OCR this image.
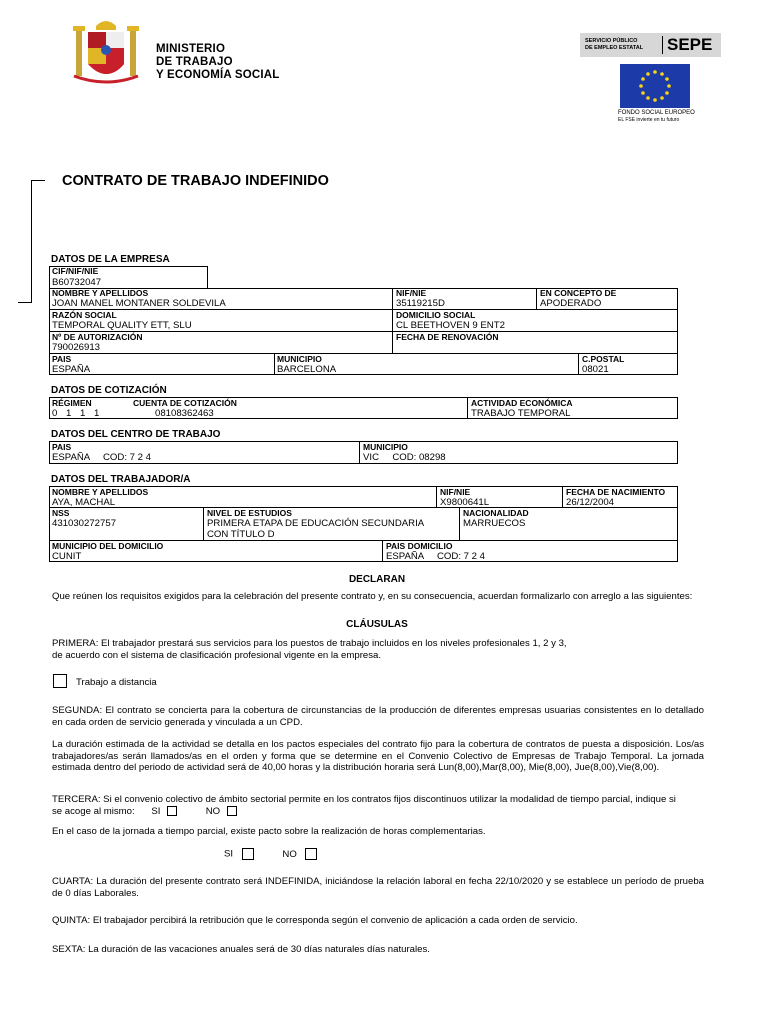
MINISTERIO
DE TRABAJO
Y ECONOMÍA SOCIAL
SERVICIO PÚBLICO
DE EMPLEO ESTATAL SEPE
FONDO SOCIAL EUROPEO
EL FSE invierte en tu futuro
CONTRATO DE TRABAJO INDEFINIDO
DATOS DE LA EMPRESA
CIF/NIF/NIE
B60732047
NOMBRE Y APELLIDOS
JOAN MANEL MONTANER SOLDEVILA
NIF/NIE
35119215D
EN CONCEPTO DE
APODERADO
RAZÓN SOCIAL
TEMPORAL QUALITY ETT, SLU
DOMICILIO SOCIAL
CL BEETHOVEN 9 ENT2
Nº DE AUTORIZACIÓN
790026913
FECHA DE RENOVACIÓN
PAIS
ESPAÑA
MUNICIPIO
BARCELONA
C.POSTAL
08021
DATOS DE COTIZACIÓN
RÉGIMEN
0 1 1 1
CUENTA DE COTIZACIÓN
08108362463
ACTIVIDAD ECONÓMICA
TRABAJO TEMPORAL
DATOS DEL CENTRO DE TRABAJO
PAIS
ESPAÑA     COD: 7 2 4
MUNICIPIO
VIC     COD: 08298
DATOS DEL TRABAJADOR/A
NOMBRE Y APELLIDOS
AYA, MACHAL
NIF/NIE
X9800641L
FECHA DE NACIMIENTO
26/12/2004
NSS
431030272757
NIVEL DE ESTUDIOS
PRIMERA ETAPA DE EDUCACIÓN SECUNDARIA
CON TÍTULO D
NACIONALIDAD
MARRUECOS
MUNICIPIO DEL DOMICILIO
CUNIT
PAIS DOMICILIO
ESPAÑA     COD: 7 2 4
DECLARAN
Que reúnen los requisitos exigidos para la celebración del presente contrato y, en su consecuencia, acuerdan formalizarlo con arreglo a las siguientes:
CLÁUSULAS
PRIMERA: El trabajador prestará sus servicios para los puestos de trabajo incluidos en los niveles profesionales 1, 2 y 3,
de acuerdo con el sistema de clasificación profesional vigente en la empresa.
Trabajo a distancia
SEGUNDA: El contrato se concierta para la cobertura de circunstancias de la producción de diferentes empresas usuarias consistentes en lo detallado en cada orden de servicio generada y vinculada a un CPD.
La duración estimada de la actividad se detalla en los pactos especiales del contrato fijo para la cobertura de contratos de puesta a disposición. Los/as trabajadores/as serán llamados/as en el orden y forma que se determine en el Convenio Colectivo de Empresas de Trabajo Temporal. La jornada estimada dentro del periodo de actividad será de 40,00 horas y la distribución horaria será Lun(8,00),Mar(8,00), Mie(8,00), Jue(8,00),Vie(8,00).
TERCERA: Si el convenio colectivo de ámbito sectorial permite en los contratos fijos discontinuos utilizar la modalidad de tiempo parcial, indique si
se acoge al mismo: SI	NO
En el caso de la jornada a tiempo parcial, existe pacto sobre la realización de horas complementarias.
SI	NO
CUARTA: La duración del presente contrato será INDEFINIDA, iniciándose la relación laboral en fecha 22/10/2020 y se establece un período de prueba de 0 días Laborales.
QUINTA: El trabajador percibirá la retribución que le corresponda según el convenio de aplicación a cada orden de servicio.
SEXTA: La duración de las vacaciones anuales será de 30 días naturales días naturales.
